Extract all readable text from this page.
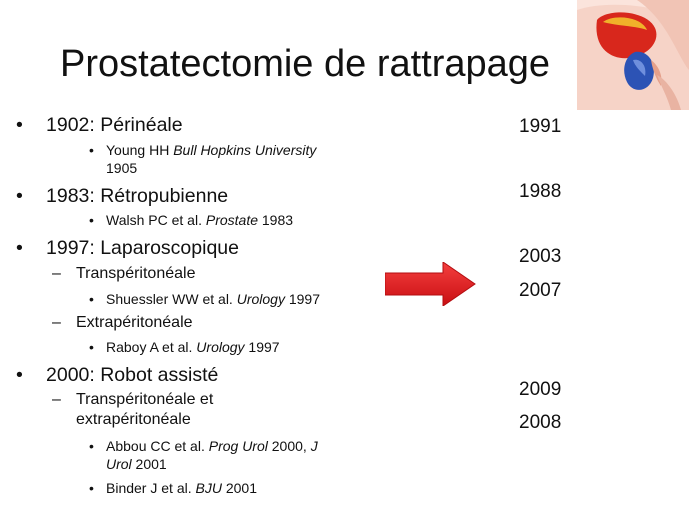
Prostatectomie de rattrapage
• 1902: Périnéale
• Young HH Bull Hopkins University
1905
• 1983: Rétropubienne
• Walsh PC et al. Prostate 1983
• 1997: Laparoscopique
– Transpéritonéale
• Shuessler WW et al. Urology 1997
– Extrapéritonéale
• Raboy A et al. Urology 1997
• 2000: Robot assisté
– Transpéritonéale et
extrapéritonéale
• Abbou CC et al. Prog Urol 2000, J
Urol 2001
• Binder J et al. BJU 2001
1991
1988
2003
2007
2009
2008
